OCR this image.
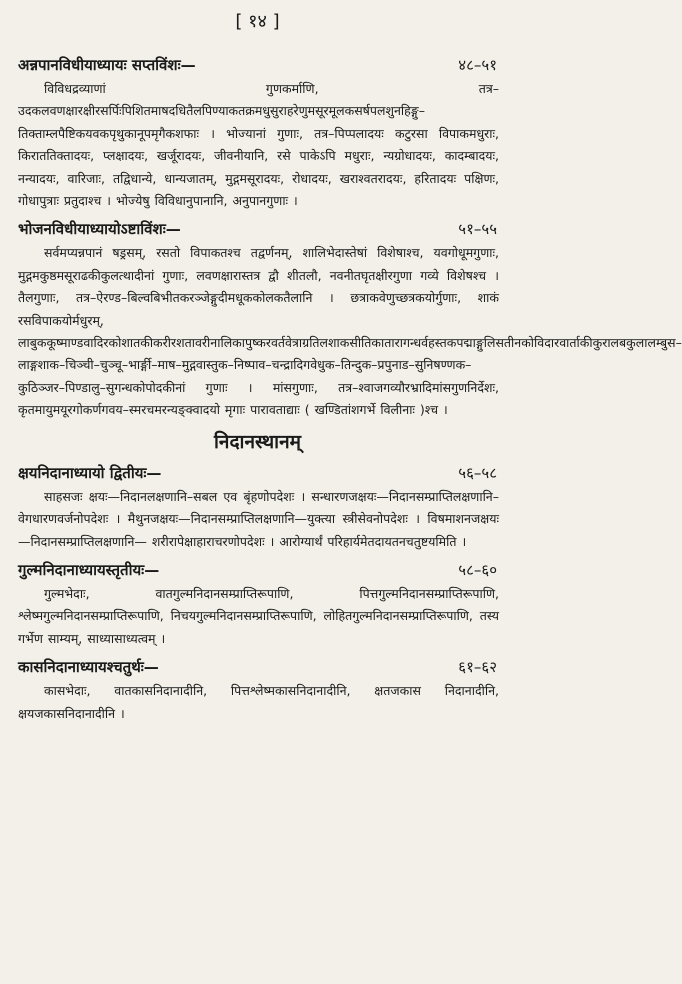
[ १४ ]
अन्नपानविधीयाध्यायः सप्तविंशः—	४८–५१
विविधद्रव्याणां गुणकर्माणि, तत्र–उदकलवणक्षारक्षीरसर्पिःपिशितमाषदधितैलपिण्याकतक्रमधुसुराहरेणुमसूरमूलकसर्षपलशुनहिङ्गु–तिक्ताम्लपैष्टिकयवकपृथुकानूपमृगैकशफाः । भोज्यानां गुणाः, तत्र–पिप्पलादयः कटुरसा विपाकमधुराः, किराततिक्तादयः, प्लक्षादयः, खर्जूरादयः, जीवनीयानि, रसे पाकेऽपि मधुराः, न्यग्रोधादयः, कादम्बादयः, नन्यादयः, वारिजाः, तद्विधान्ये, धान्यजातम्, मुद्गमसूरादयः, रोधादयः, खराश्वतरादयः, हरितादयः पक्षिणः, गोधापुत्राः प्रतुदाश्च । भोज्येषु विविधानुपानानि, अनुपानगुणाः ।
भोजनविधीयाध्यायोऽष्टाविंशः—	५१–५५
सर्वमप्यन्नपानं षड्रसम्, रसतो विपाकतश्च तद्वर्णनम्, शालिभेदास्तेषां विशेषाश्च, यवगोधूमगुणाः, मुद्गमकुष्ठमसूराढकीकुलत्थादीनां गुणाः, लवणक्षारास्तत्र द्वौ शीतलौ, नवनीतघृतक्षीरगुणा गव्ये विशेषश्च । तैलगुणाः, तत्र–ऐरण्ड–बिल्वबिभीतकरञ्जेङ्गुदीमधूककोलकतैलानि । छत्राकवेणुच्छत्रकयोर्गुणाः, शाकं रसविपाकयोर्मधुरम्, लाबुककूष्माण्डवादिरकोशातकीकरीरशतावरीनालिकापुष्करवर्तवेत्राग्रतिलशाकसीतिकातारागन्धर्वहस्तकपद्माङ्गुलिसतीनकोविदारवार्ताकीकुरालबकुलालम्बुस–लाङ्गशाक–चिञ्ची–चुञ्चू–भार्ङ्गी–माष–मुद्गवास्तुक–निष्पाव–चन्द्रादिगवेधुक–तिन्दुक–प्रपुनाड–सुनिषण्णक–कुठिञ्जर–पिण्डालु–सुगन्धकोपोदकीनां गुणाः । मांसगुणाः, तत्र–श्वाजगव्यौरभ्रादिमांसगुणनिर्देशः, कृतमायुमयूरगोकर्णगवय–स्मरचमरन्यङ्क्वादयो मृगाः पारावताद्याः ( खण्डितांशगर्भे विलीनाः )श्च ।
निदानस्थानम्
क्षयनिदानाध्यायो द्वितीयः—	५६–५८
साहसजः क्षयः—निदानलक्षणानि–सबल एव बृंहणोपदेशः । सन्धारणजक्षयः—निदानसम्प्राप्तिलक्षणानि–वेगधारणवर्जनोपदेशः । मैथुनजक्षयः—निदानसम्प्राप्तिलक्षणानि—युक्त्या स्त्रीसेवनोपदेशः । विषमाशनजक्षयः—निदानसम्प्राप्तिलक्षणानि— शरीरापेक्षाहाराचरणोपदेशः । आरोग्यार्थं परिहार्यमेतदायतनचतुष्टयमिति ।
गुल्मनिदानाध्यायस्तृतीयः—	५८–६०
गुल्मभेदाः, वातगुल्मनिदानसम्प्राप्तिरूपाणि, पित्तगुल्मनिदानसम्प्राप्तिरूपाणि, श्लेष्मगुल्मनिदानसम्प्राप्तिरूपाणि, निचयगुल्मनिदानसम्प्राप्तिरूपाणि, लोहितगुल्मनिदानसम्प्राप्तिरूपाणि, तस्य गर्भेण साम्यम्, साध्यासाध्यत्वम् ।
कासनिदानाध्यायश्चतुर्थः—	६१–६२
कासभेदाः, वातकासनिदानादीनि, पित्तश्लेष्मकासनिदानादीनि, क्षतजकास निदानादीनि, क्षयजकासनिदानादीनि ।
